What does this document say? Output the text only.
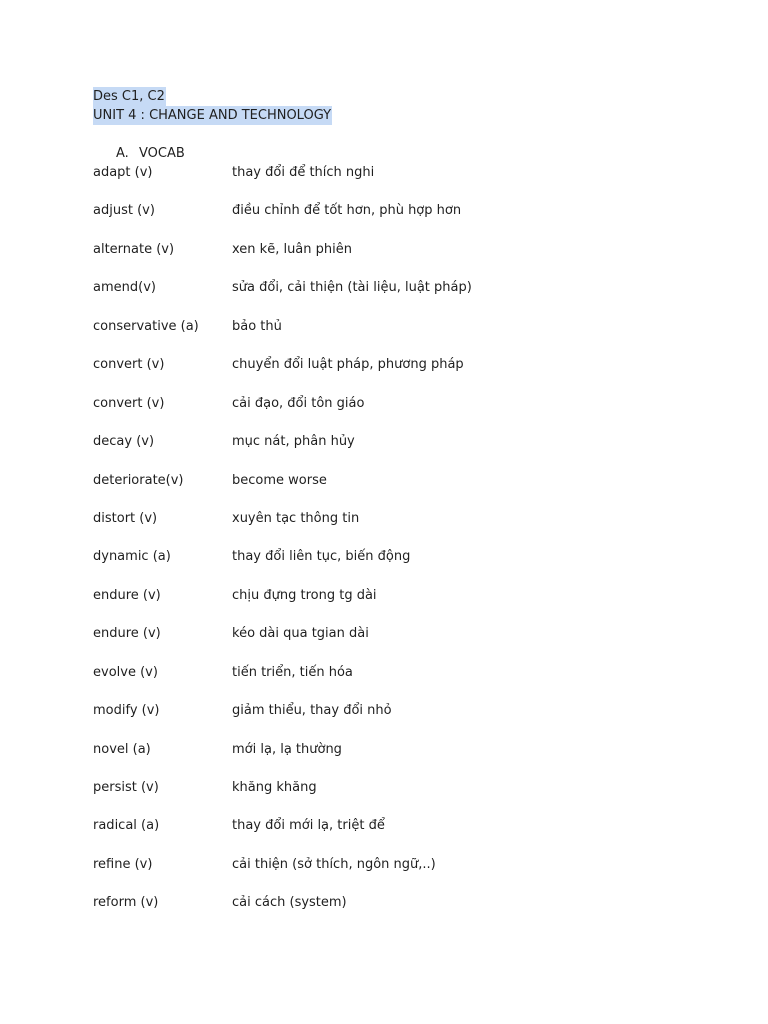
Des C1, C2
UNIT 4 : CHANGE AND TECHNOLOGY
A. VOCAB
adapt (v)	thay đổi để thích nghi
adjust (v)	điều chỉnh để tốt hơn, phù hợp hơn
alternate (v)	xen kẽ, luân phiên
amend(v)	sửa đổi, cải thiện (tài liệu, luật pháp)
conservative (a)	bảo thủ
convert (v)	chuyển đổi luật pháp, phương pháp
convert (v)	cải đạo, đổi tôn giáo
decay (v)	mục nát, phân hủy
deteriorate(v)	become worse
distort (v)	xuyên tạc thông tin
dynamic (a)	thay đổi liên tục, biến động
endure (v)	chịu đựng trong tg dài
endure (v)	kéo dài qua tgian dài
evolve (v)	tiến triển, tiến hóa
modify (v)	giảm thiểu, thay đổi nhỏ
novel (a)	mới lạ, lạ thường
persist (v)	khăng khăng
radical (a)	thay đổi mới lạ, triệt để
refine (v)	cải thiện (sở thích, ngôn ngữ,..)
reform (v)	cải cách (system)
